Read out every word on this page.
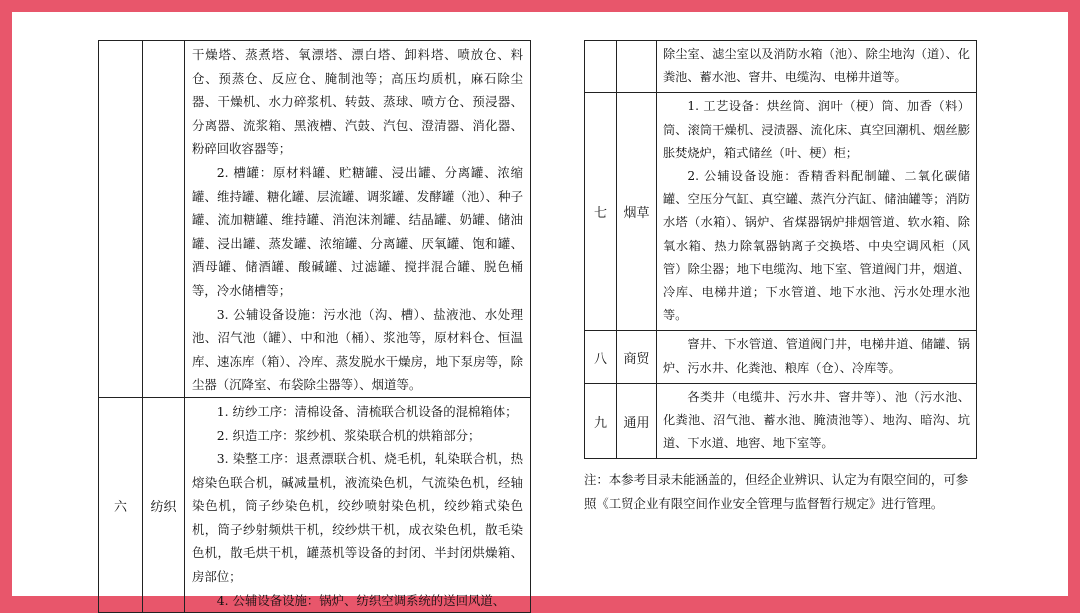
		干燥塔、蒸煮塔、氧漂塔、漂白塔、卸料塔、喷放仓、料仓、预蒸仓、反应仓、腌制池等；高压均质机，麻石除尘器、干燥机、水力碎浆机、转鼓、蒸球、喷方仓、预浸器、分离器、流浆箱、黑液槽、汽鼓、汽包、澄清器、消化器、粉碎回收容器等；

2. 槽罐：原材料罐、贮糖罐、浸出罐、分离罐、浓缩罐、维持罐、糖化罐、层流罐、调浆罐、发酵罐（池）、种子罐、流加糖罐、维持罐、消泡沫剂罐、结晶罐、奶罐、储油罐、浸出罐、蒸发罐、浓缩罐、分离罐、厌氧罐、饱和罐、酒母罐、储酒罐、酸碱罐、过滤罐、搅拌混合罐、脱色桶等，冷水储槽等；

3. 公辅设备设施：污水池（沟、槽）、盐液池、水处理池、沼气池（罐）、中和池（桶）、浆池等，原材料仓、恒温库、速冻库（箱）、冷库、蒸发脱水干燥房，地下泵房等，除尘器（沉降室、布袋除尘器等）、烟道等。

六	纺织	1. 纺纱工序：清棉设备、清梳联合机设备的混棉箱体；

2. 织造工序：浆纱机、浆染联合机的烘箱部分；

3. 染整工序：退煮漂联合机、烧毛机，轧染联合机，热熔染色联合机，碱减量机，液流染色机，气流染色机，经轴染色机，筒子纱染色机，绞纱喷射染色机，绞纱箱式染色机，筒子纱射频烘干机，绞纱烘干机，成衣染色机，散毛染色机，散毛烘干机，罐蒸机等设备的封闭、半封闭烘燥箱、房部位；

4. 公辅设备设施：锅炉、纺织空调系统的送回风道、

		除尘室、滤尘室以及消防水箱（池）、除尘地沟（道）、化粪池、蓄水池、窨井、电缆沟、电梯井道等。

七	烟草	1. 工艺设备：烘丝筒、润叶（梗）筒、加香（料）筒、滚筒干燥机、浸渍器、流化床、真空回潮机、烟丝膨胀焚烧炉，箱式储丝（叶、梗）柜；

2. 公辅设备设施：香精香料配制罐、二氧化碳储罐、空压分气缸、真空罐、蒸汽分汽缸、储油罐等；消防水塔（水箱）、锅炉、省煤器锅炉排烟管道、软水箱、除氧水箱、热力除氧器钠离子交换塔、中央空调风柜（风管）除尘器；地下电缆沟、地下室、管道阀门井，烟道、冷库、电梯井道；下水管道、地下水池、污水处理水池等。

八	商贸	窨井、下水管道、管道阀门井，电梯井道、储罐、锅炉、污水井、化粪池、粮库（仓）、冷库等。

九	通用	各类井（电缆井、污水井、窨井等）、池（污水池、化粪池、沼气池、蓄水池、腌渍池等）、地沟、暗沟、坑道、下水道、地窖、地下室等。

注：本参考目录未能涵盖的，但经企业辨识、认定为有限空间的，可参照《工贸企业有限空间作业安全管理与监督暂行规定》进行管理。
